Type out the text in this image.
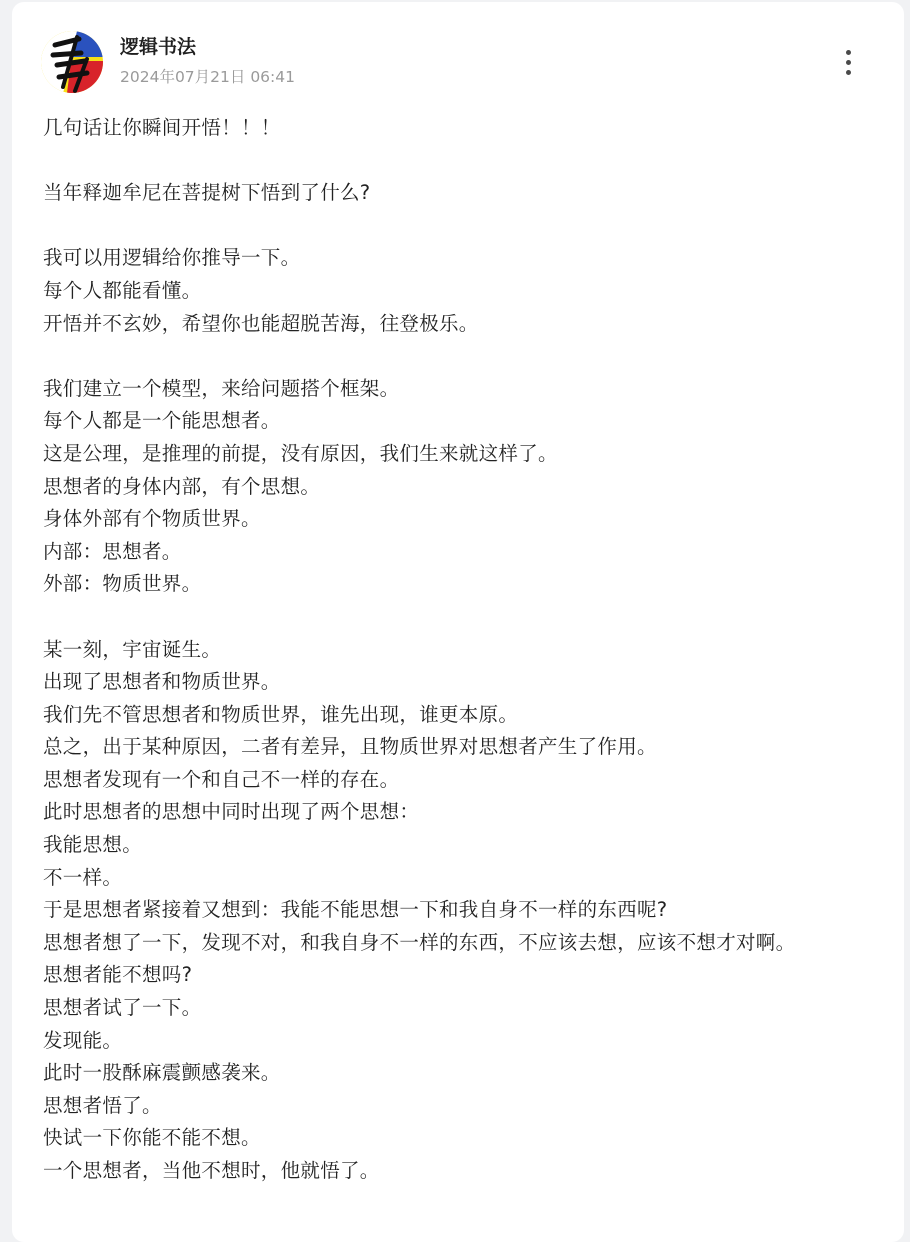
逻辑书法
2024年07月21日 06:41
几句话让你瞬间开悟！！！
当年释迦牟尼在菩提树下悟到了什么?
我可以用逻辑给你推导一下。
每个人都能看懂。
开悟并不玄妙，希望你也能超脱苦海，往登极乐。
我们建立一个模型，来给问题搭个框架。
每个人都是一个能思想者。
这是公理，是推理的前提，没有原因，我们生来就这样了。
思想者的身体内部，有个思想。
身体外部有个物质世界。
内部：思想者。
外部：物质世界。
某一刻，宇宙诞生。
出现了思想者和物质世界。
我们先不管思想者和物质世界，谁先出现，谁更本原。
总之，出于某种原因，二者有差异，且物质世界对思想者产生了作用。
思想者发现有一个和自己不一样的存在。
此时思想者的思想中同时出现了两个思想：
我能思想。
不一样。
于是思想者紧接着又想到：我能不能思想一下和我自身不一样的东西呢?
思想者想了一下，发现不对，和我自身不一样的东西，不应该去想，应该不想才对啊。
思想者能不想吗?
思想者试了一下。
发现能。
此时一股酥麻震颤感袭来。
思想者悟了。
快试一下你能不能不想。
一个思想者，当他不想时，他就悟了。
